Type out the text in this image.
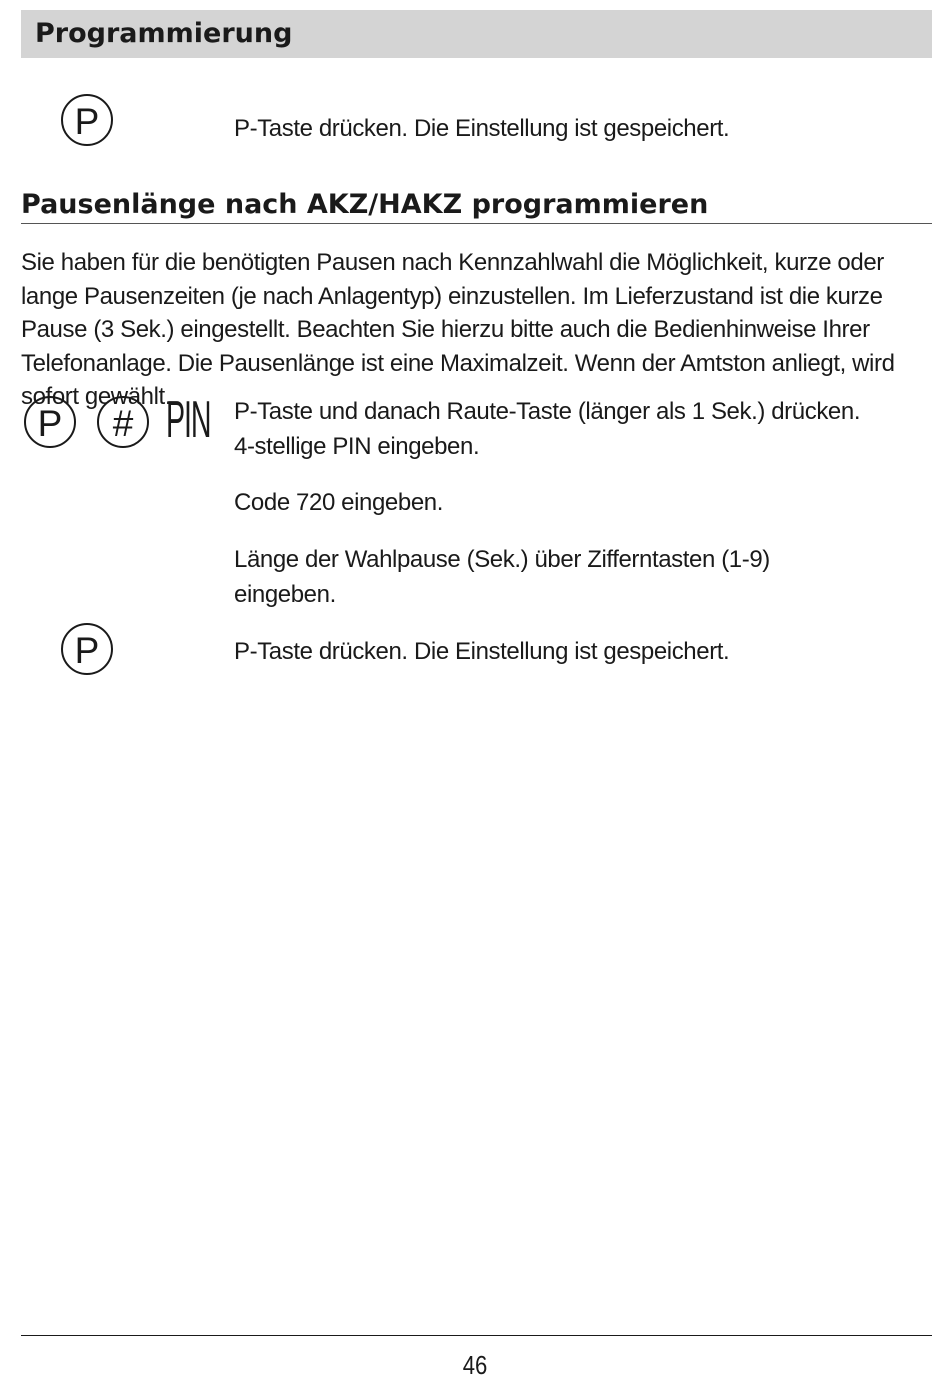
Programmierung
P	P-Taste drücken. Die Einstellung ist gespeichert.
Pausenlänge nach AKZ/HAKZ programmieren
Sie haben für die benötigten Pausen nach Kennzahlwahl die Möglichkeit, kurze oder lange Pausenzeiten (je nach Anlagentyp) einzustellen. Im Lieferzustand ist die kurze Pause (3 Sek.) eingestellt. Beachten Sie hierzu bitte auch die Bedienhinweise Ihrer Telefonanlage. Die Pausenlänge ist eine Maximalzeit. Wenn der Amtston anliegt, wird sofort gewählt.
P # PIN P-Taste und danach Raute-Taste (länger als 1 Sek.) drücken.
4-stellige PIN eingeben.
Code 720 eingeben.
Länge der Wahlpause (Sek.) über Zifferntasten (1-9) eingeben.
P	P-Taste drücken. Die Einstellung ist gespeichert.
46
